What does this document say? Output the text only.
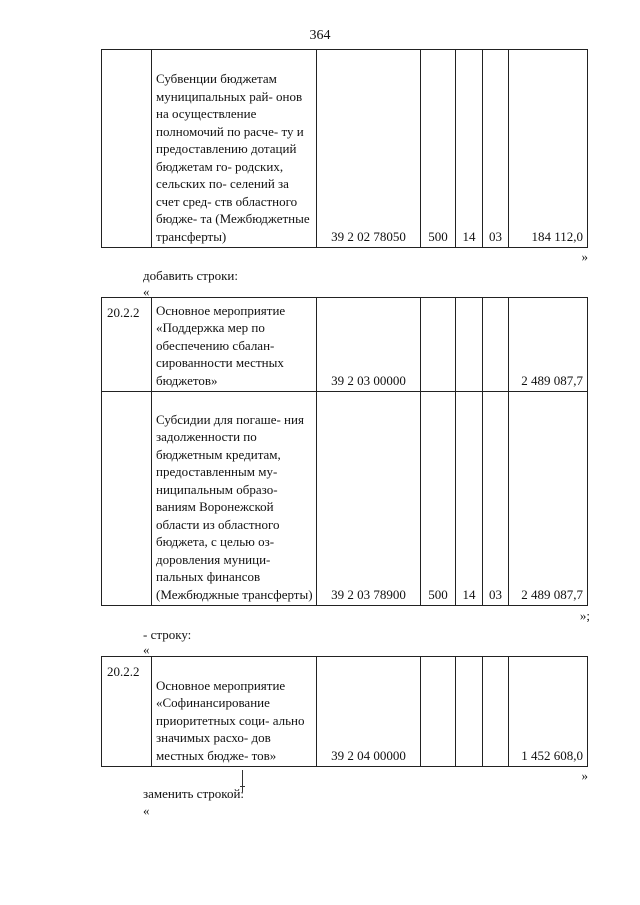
364
	Субвенции бюджетам муниципальных рай- онов на осуществление полномочий по расче- ту и предоставлению дотаций бюджетам го- родских, сельских по- селений за счет сред- ств областного бюдже- та (Межбюджетные трансферты)	39 2 02 78050	500	14	03	184 112,0
»
добавить строки:
«
20.2.2	Основное мероприятие «Поддержка мер по обеспечению сбалан- сированности местных бюджетов»	39 2 03 00000				2 489 087,7
	Субсидии для погаше- ния задолженности по бюджетным кредитам, предоставленным му- ниципальным образо- ваниям Воронежской области из областного бюджета, с целью оз- доровления муници- пальных финансов (Межбюджные трансферты)	39 2 03 78900	500	14	03	2 489 087,7
»;
- строку:
«
20.2.2	Основное мероприятие «Софинансирование приоритетных соци- ально значимых расхо- дов местных бюдже- тов»	39 2 04 00000				1 452 608,0
»
заменить строкой:
«
